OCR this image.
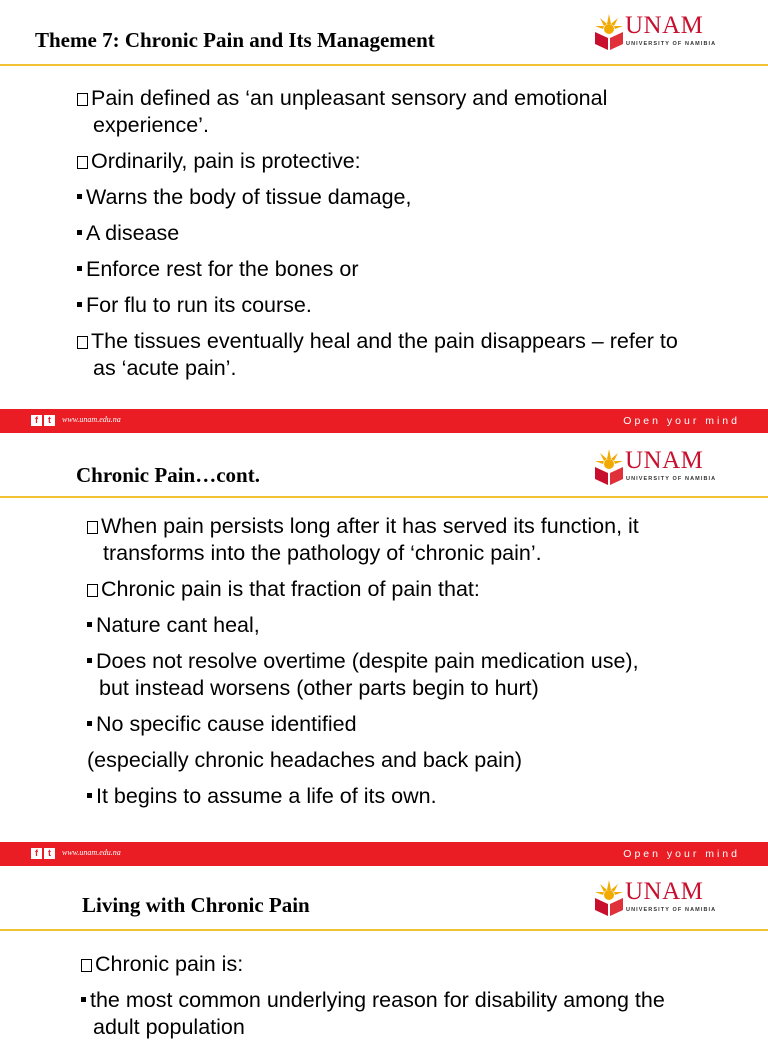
Theme 7: Chronic Pain and Its Management
UNAM
UNIVERSITY OF NAMIBIA

Pain defined as ‘an unpleasant sensory and emotional experience’.

Ordinarily, pain is protective:

Warns the body of tissue damage,

A disease

Enforce rest for the bones or

For flu to run its course.

The tissues eventually heal and the pain disappears – refer to as ‘acute pain’.

f	t	www.unam.edu.na	Open your mind
Chronic Pain…cont.
UNAM
UNIVERSITY OF NAMIBIA

When pain persists long after it has served its function, it transforms into the pathology of ‘chronic pain’.

Chronic pain is that fraction of pain that:

Nature cant heal,

Does not resolve overtime (despite pain medication use), but instead worsens (other parts begin to hurt)

No specific cause identified

(especially chronic headaches and back pain)

It begins to assume a life of its own.

f	t	www.unam.edu.na	Open your mind
Living with Chronic Pain	UNAM
UNIVERSITY OF NAMIBIA

Chronic pain is:

the most common underlying reason for disability among the adult population
